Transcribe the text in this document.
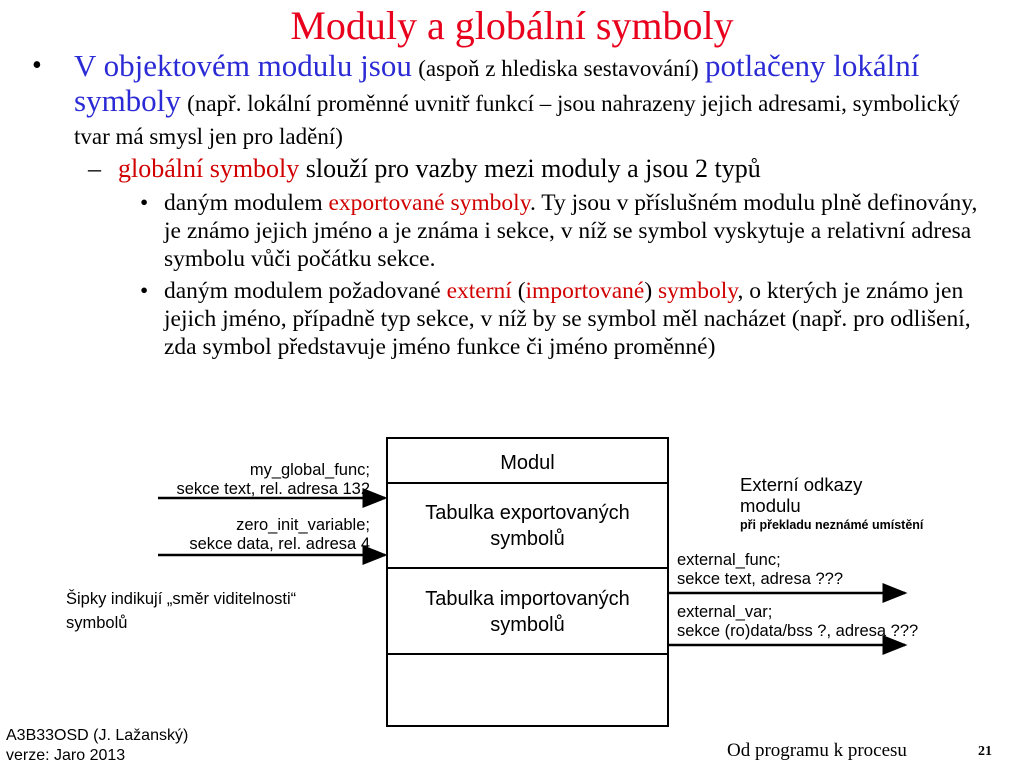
Moduly a globální symboly
• V objektovém modulu jsou (aspoň z hlediska sestavování) potlačeny lokální symboly (např. lokální proměnné uvnitř funkcí – jsou nahrazeny jejich adresami, symbolický tvar má smysl jen pro ladění)
– globální symboly slouží pro vazby mezi moduly a jsou 2 typů
• daným modulem exportované symboly. Ty jsou v příslušném modulu plně definovány, je známo jejich jméno a je známa i sekce, v níž se symbol vyskytuje a relativní adresa symbolu vůči počátku sekce.
• daným modulem požadované externí (importované) symboly, o kterých je známo jen jejich jméno, případně typ sekce, v níž by se symbol měl nacházet (např. pro odlišení, zda symbol představuje jméno funkce či jméno proměnné)
Modul
Tabulka exportovaných symbolů
Tabulka importovaných symbolů
my_global_func;
sekce text, rel. adresa 132
zero_init_variable;
sekce data, rel. adresa 4
Šipky indikují „směr viditelnosti“
symbolů
Externí odkazy
modulu
při překladu neznámé umístění
external_func;
sekce text, adresa ???
external_var;
sekce (ro)data/bss ?, adresa ???
A3B33OSD (J. Lažanský)
verze: Jaro 2013	Od programu k procesu	21
